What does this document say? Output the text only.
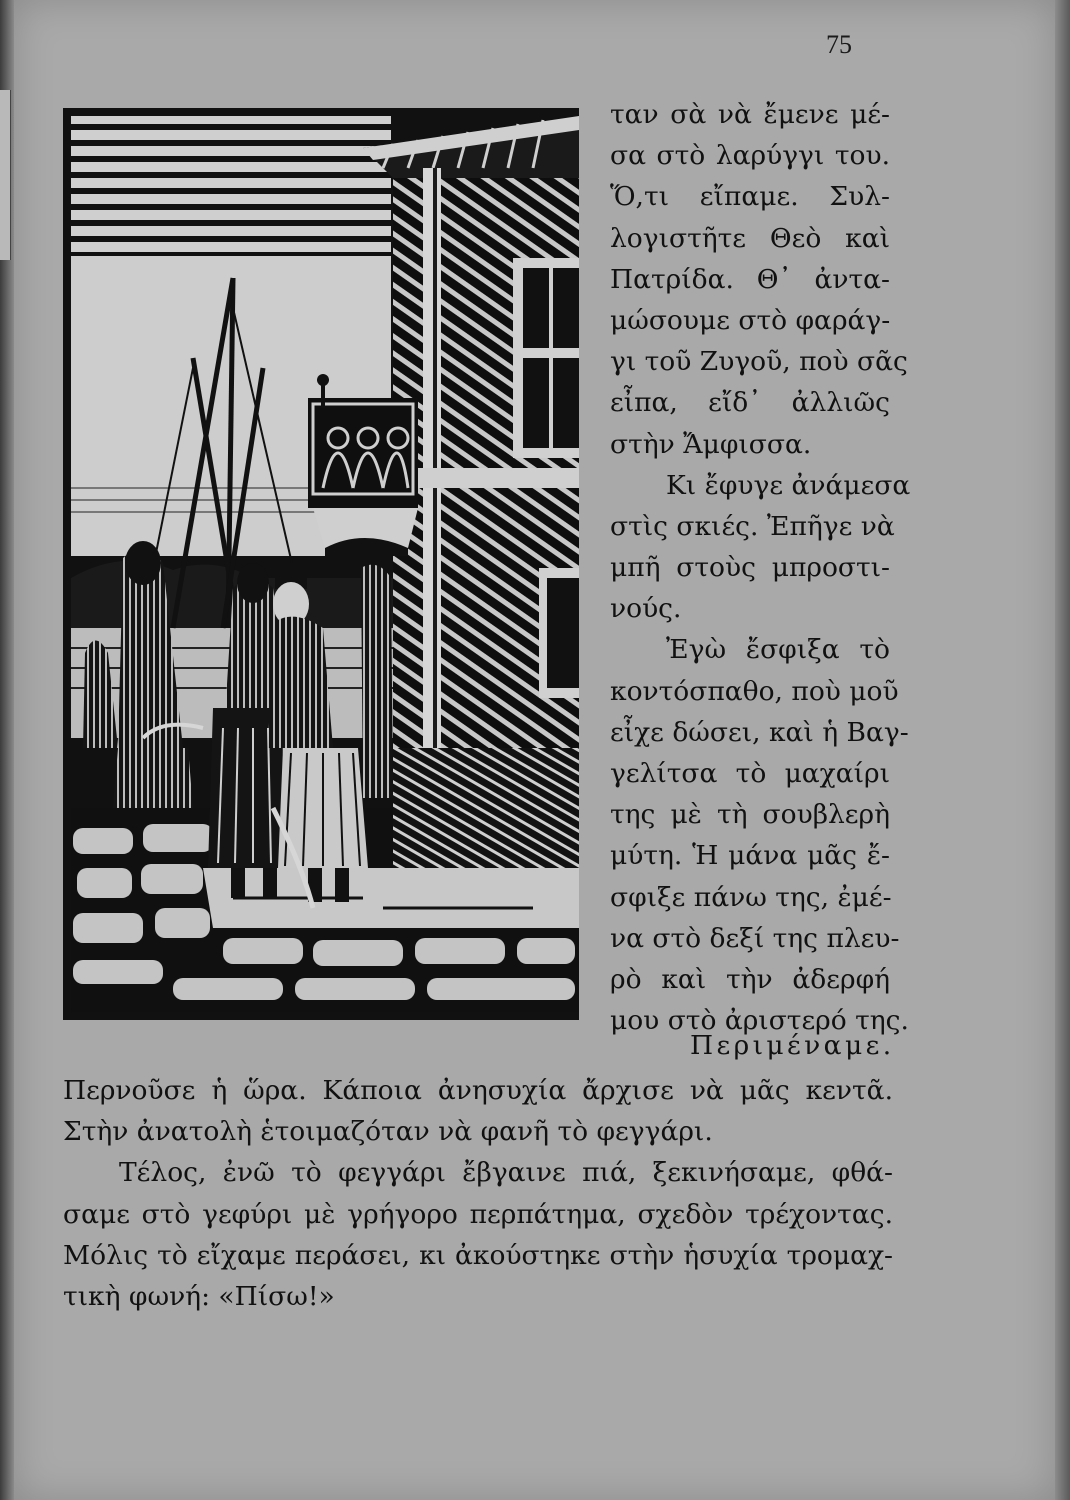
75
ταν σὰ νὰ ἔμενε μέ-
σα στὸ λαρύγγι του.
Ὅ,τι εἴπαμε. Συλ-
λογιστῆτε Θεὸ καὶ
Πατρίδα. Θ᾽ ἀντα-
μώσουμε στὸ φαράγ-
γι τοῦ Ζυγοῦ, ποὺ σᾶς
εἶπα, εἴδ᾽ ἀλλιῶς
στὴν Ἄμφισσα.
Κι ἔφυγε ἀνάμεσα
στὶς σκιές. Ἐπῆγε νὰ
μπῆ στοὺς μπροστι-
νούς.
Ἐγὼ ἔσφιξα τὸ
κοντόσπαθο, ποὺ μοῦ
εἶχε δώσει, καὶ ἡ Βαγ-
γελίτσα τὸ μαχαίρι
της μὲ τὴ σουβλερὴ
μύτη. Ἡ μάνα μᾶς ἔ-
σφιξε πάνω της, ἐμέ-
να στὸ δεξί της πλευ-
ρὸ καὶ τὴν ἀδερφή
μου στὸ ἀριστερό της.
Περιμέναμε.
Περνοῦσε ἡ ὥρα. Κάποια ἀνησυχία ἄρχισε νὰ μᾶς κεντᾶ.
Στὴν ἀνατολὴ ἑτοιμαζόταν νὰ φανῆ τὸ φεγγάρι.
Τέλος, ἐνῶ τὸ φεγγάρι ἔβγαινε πιά, ξεκινήσαμε, φθά-
σαμε στὸ γεφύρι μὲ γρήγορο περπάτημα, σχεδὸν τρέχοντας.
Μόλις τὸ εἴχαμε περάσει, κι ἀκούστηκε στὴν ἡσυχία τρομαχ-
τικὴ φωνή: «Πίσω!»
